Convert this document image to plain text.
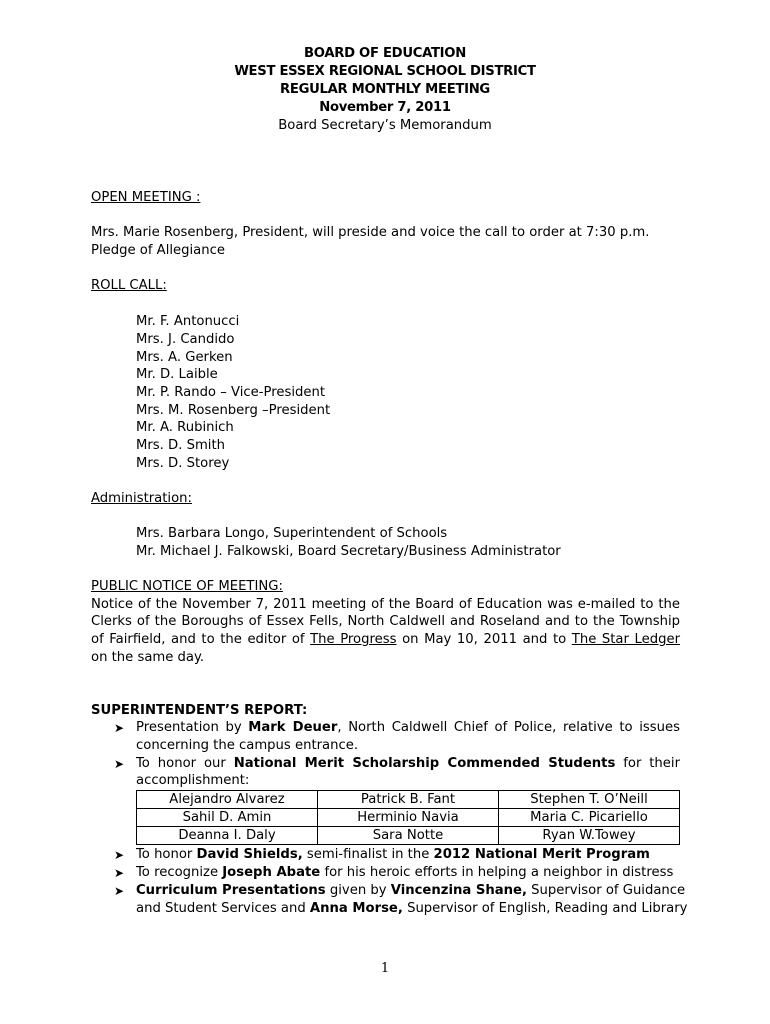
BOARD OF EDUCATION
WEST ESSEX REGIONAL SCHOOL DISTRICT
REGULAR MONTHLY MEETING
November 7, 2011
Board Secretary’s Memorandum
OPEN MEETING :
Mrs. Marie Rosenberg, President, will preside and voice the call to order at 7:30 p.m.
Pledge of Allegiance
ROLL CALL:
Mr. F. Antonucci
Mrs. J. Candido
Mrs. A. Gerken
Mr. D. Laible
Mr. P. Rando – Vice-President
Mrs. M. Rosenberg –President
Mr. A. Rubinich
Mrs. D. Smith
Mrs. D. Storey
Administration:
Mrs. Barbara Longo, Superintendent of Schools
Mr. Michael J. Falkowski, Board Secretary/Business Administrator
PUBLIC NOTICE OF MEETING:
Notice of the November 7, 2011 meeting of the Board of Education was e-mailed to the
Clerks of the Boroughs of Essex Fells, North Caldwell and Roseland and to the Township
of Fairfield, and to the editor of The Progress on May 10, 2011 and to The Star Ledger
on the same day.
SUPERINTENDENT’S REPORT:
➤ Presentation by Mark Deuer, North Caldwell Chief of Police, relative to issues
concerning the campus entrance.
➤ To honor our National Merit Scholarship Commended Students for their
accomplishment:
Alejandro Alvarez	Patrick B. Fant	Stephen T. O’Neill
Sahil D. Amin	Herminio Navia	Maria C. Picariello
Deanna I. Daly	Sara Notte	Ryan W.Towey
➤ To honor David Shields, semi-finalist in the 2012 National Merit Program
➤ To recognize Joseph Abate for his heroic efforts in helping a neighbor in distress
➤ Curriculum Presentations given by Vincenzina Shane, Supervisor of Guidance
and Student Services and Anna Morse, Supervisor of English, Reading and Library
1
